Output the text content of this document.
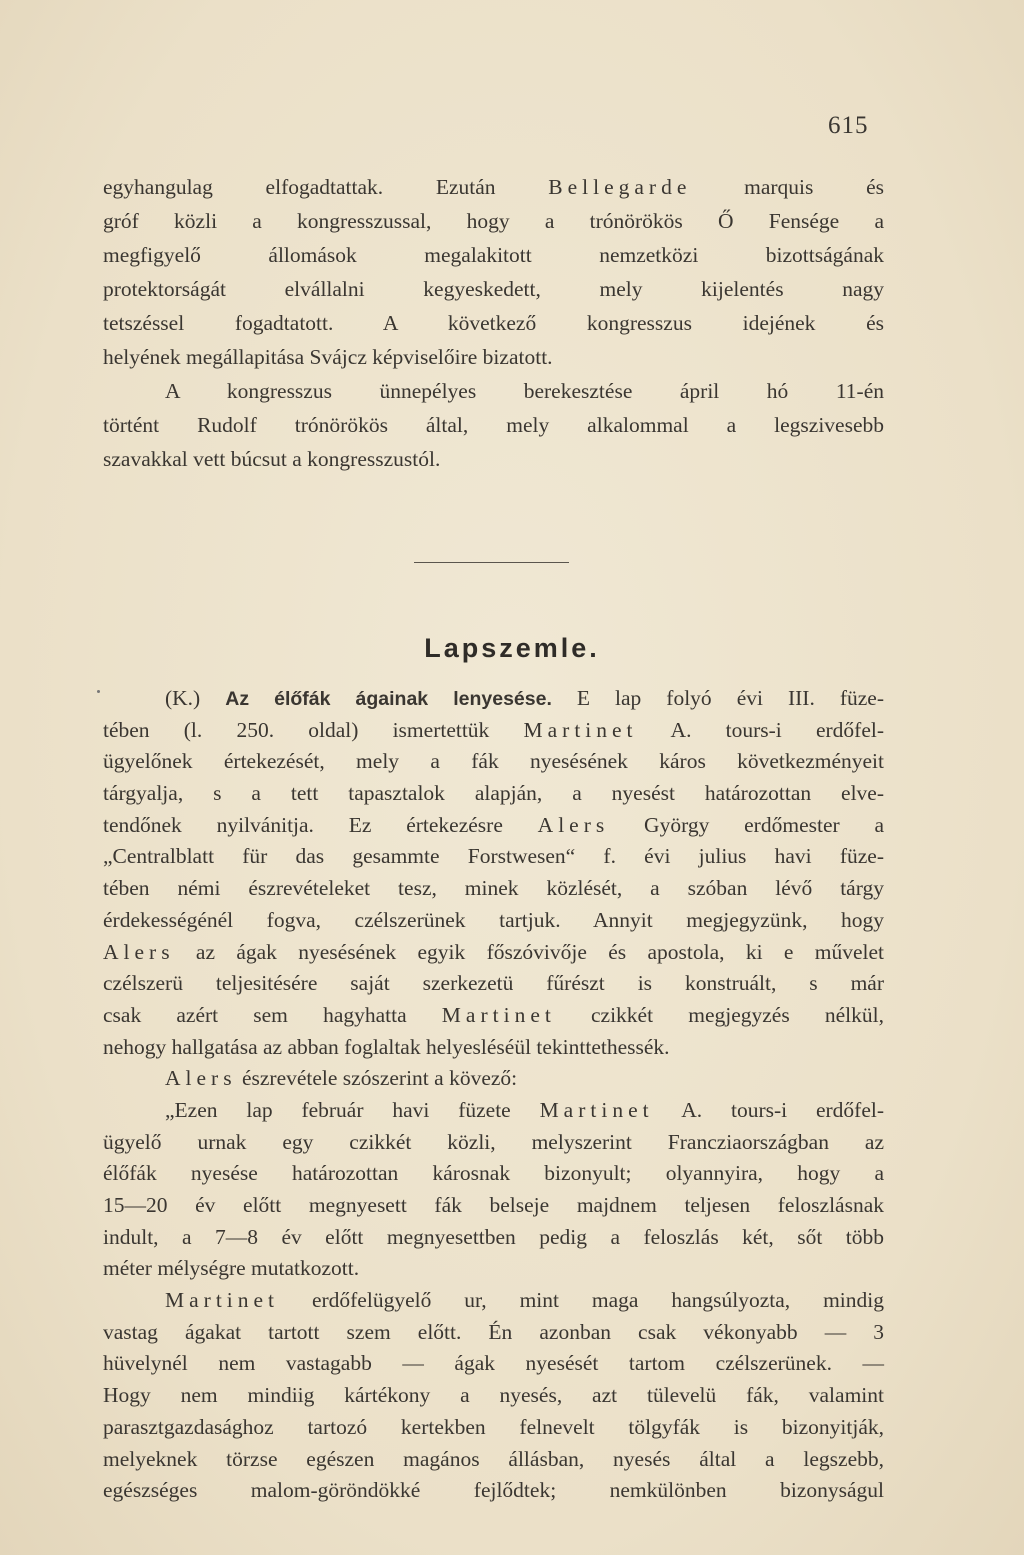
615
egyhangulag elfogadtattak. Ezután Bellegarde marquis és
gróf közli a kongresszussal, hogy a trónörökös Ő Fensége a
megfigyelő állomások megalakitott nemzetközi bizottságának
protektorságát elvállalni kegyeskedett, mely kijelentés nagy
tetszéssel fogadtatott. A következő kongresszus idejének és
helyének megállapitása Svájcz képviselőire bizatott.
A kongresszus ünnepélyes berekesztése ápril hó 11-én
történt Rudolf trónörökös által, mely alkalommal a legszivesebb
szavakkal vett búcsut a kongresszustól.
Lapszemle.
(K.) Az élőfák ágainak lenyesése. E lap folyó évi III. füze-
tében (l. 250. oldal) ismertettük Martinet A. tours-i erdőfel-
ügyelőnek értekezését, mely a fák nyesésének káros következményeit
tárgyalja, s a tett tapasztalok alapján, a nyesést határozottan elve-
tendőnek nyilvánitja. Ez értekezésre Alers György erdőmester a
„Centralblatt für das gesammte Forstwesen“ f. évi julius havi füze-
tében némi észrevételeket tesz, minek közlését, a szóban lévő tárgy
érdekességénél fogva, czélszerünek tartjuk. Annyit megjegyzünk, hogy
Alers az ágak nyesésének egyik főszóvivője és apostola, ki e művelet
czélszerü teljesitésére saját szerkezetü fűrészt is konstruált, s már
csak azért sem hagyhatta Martinet czikkét megjegyzés nélkül,
nehogy hallgatása az abban foglaltak helyesléséül tekinttethessék.
Alers észrevétele szószerint a kövező:
„Ezen lap február havi füzete Martinet A. tours-i erdőfel-
ügyelő urnak egy czikkét közli, melyszerint Francziaországban az
élőfák nyesése határozottan károsnak bizonyult; olyannyira, hogy a
15—20 év előtt megnyesett fák belseje majdnem teljesen feloszlásnak
indult, a 7—8 év előtt megnyesettben pedig a feloszlás két, sőt több
méter mélységre mutatkozott.
Martinet erdőfelügyelő ur, mint maga hangsúlyozta, mindig
vastag ágakat tartott szem előtt. Én azonban csak vékonyabb — 3
hüvelynél nem vastagabb — ágak nyesését tartom czélszerünek. —
Hogy nem mindiig kártékony a nyesés, azt tülevelü fák, valamint
parasztgazdasághoz tartozó kertekben felnevelt tölgyfák is bizonyitják,
melyeknek törzse egészen magános állásban, nyesés által a legszebb,
egészséges malom-göröndökké fejlődtek; nemkülönben bizonyságul
